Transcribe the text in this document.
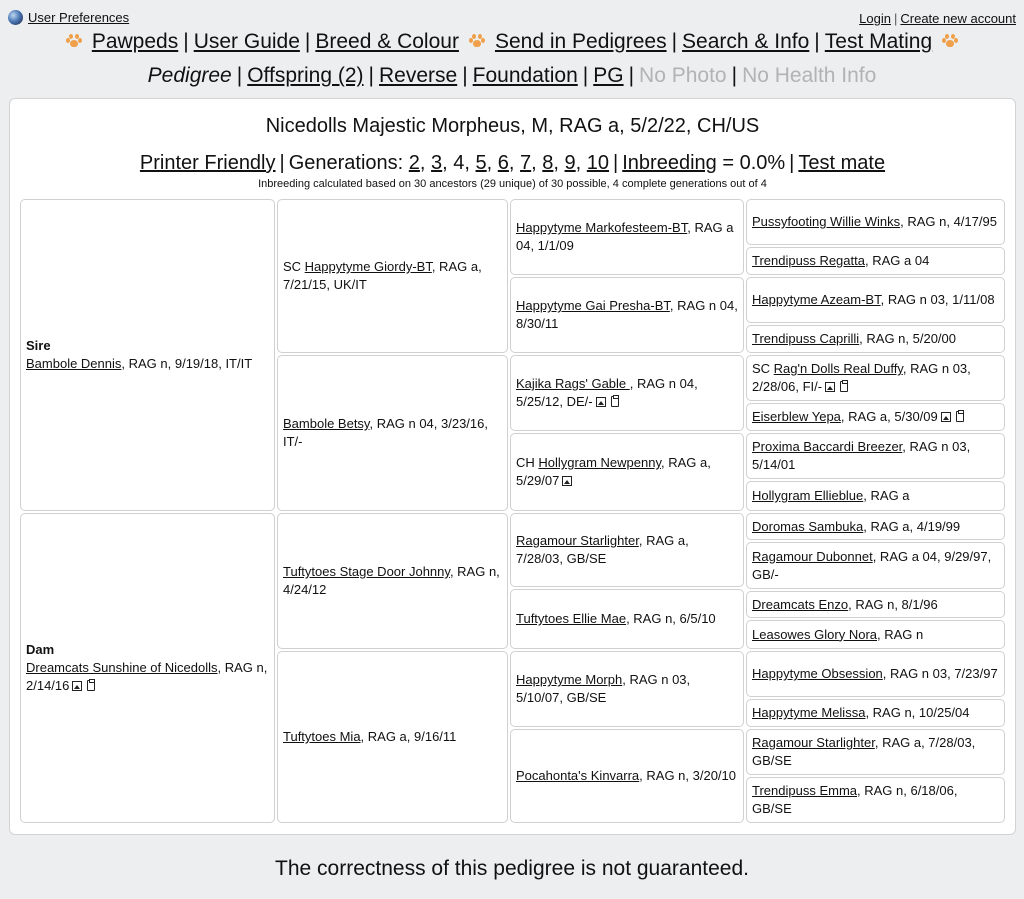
User Preferences	Login | Create new account
Pawpeds | User Guide | Breed & Colour Send in Pedigrees | Search & Info | Test Mating
Pedigree | Offspring (2) | Reverse | Foundation | PG | No Photo | No Health Info
Nicedolls Majestic Morpheus, M, RAG a, 5/2/22, CH/US
Printer Friendly | Generations: 2, 3, 4, 5, 6, 7, 8, 9, 10 | Inbreeding = 0.0% | Test mate
Inbreeding calculated based on 30 ancestors (29 unique) of 30 possible, 4 complete generations out of 4
Sire
Bambole Dennis, RAG n, 9/19/18, IT/IT
Dam
Dreamcats Sunshine of Nicedolls, RAG n, 2/14/16
SC Happytyme Giordy-BT, RAG a, 7/21/15, UK/IT
Bambole Betsy, RAG n 04, 3/23/16, IT/-
Tuftytoes Stage Door Johnny, RAG n, 4/24/12
Tuftytoes Mia, RAG a, 9/16/11
Happytyme Markofesteem-BT, RAG a 04, 1/1/09
Happytyme Gai Presha-BT, RAG n 04, 8/30/11
Kajika Rags' Gable , RAG n 04, 5/25/12, DE/-
CH Hollygram Newpenny, RAG a, 5/29/07
Ragamour Starlighter, RAG a, 7/28/03, GB/SE
Tuftytoes Ellie Mae, RAG n, 6/5/10
Happytyme Morph, RAG n 03, 5/10/07, GB/SE
Pocahonta's Kinvarra, RAG n, 3/20/10
Pussyfooting Willie Winks, RAG n, 4/17/95
Trendipuss Regatta, RAG a 04
Happytyme Azeam-BT, RAG n 03, 1/11/08
Trendipuss Caprilli, RAG n, 5/20/00
SC Rag'n Dolls Real Duffy, RAG n 03, 2/28/06, FI/-
Eiserblew Yepa, RAG a, 5/30/09
Proxima Baccardi Breezer, RAG n 03, 5/14/01
Hollygram Ellieblue, RAG a
Doromas Sambuka, RAG a, 4/19/99
Ragamour Dubonnet, RAG a 04, 9/29/97, GB/-
Dreamcats Enzo, RAG n, 8/1/96
Leasowes Glory Nora, RAG n
Happytyme Obsession, RAG n 03, 7/23/97
Happytyme Melissa, RAG n, 10/25/04
Ragamour Starlighter, RAG a, 7/28/03, GB/SE
Trendipuss Emma, RAG n, 6/18/06, GB/SE
The correctness of this pedigree is not guaranteed.
